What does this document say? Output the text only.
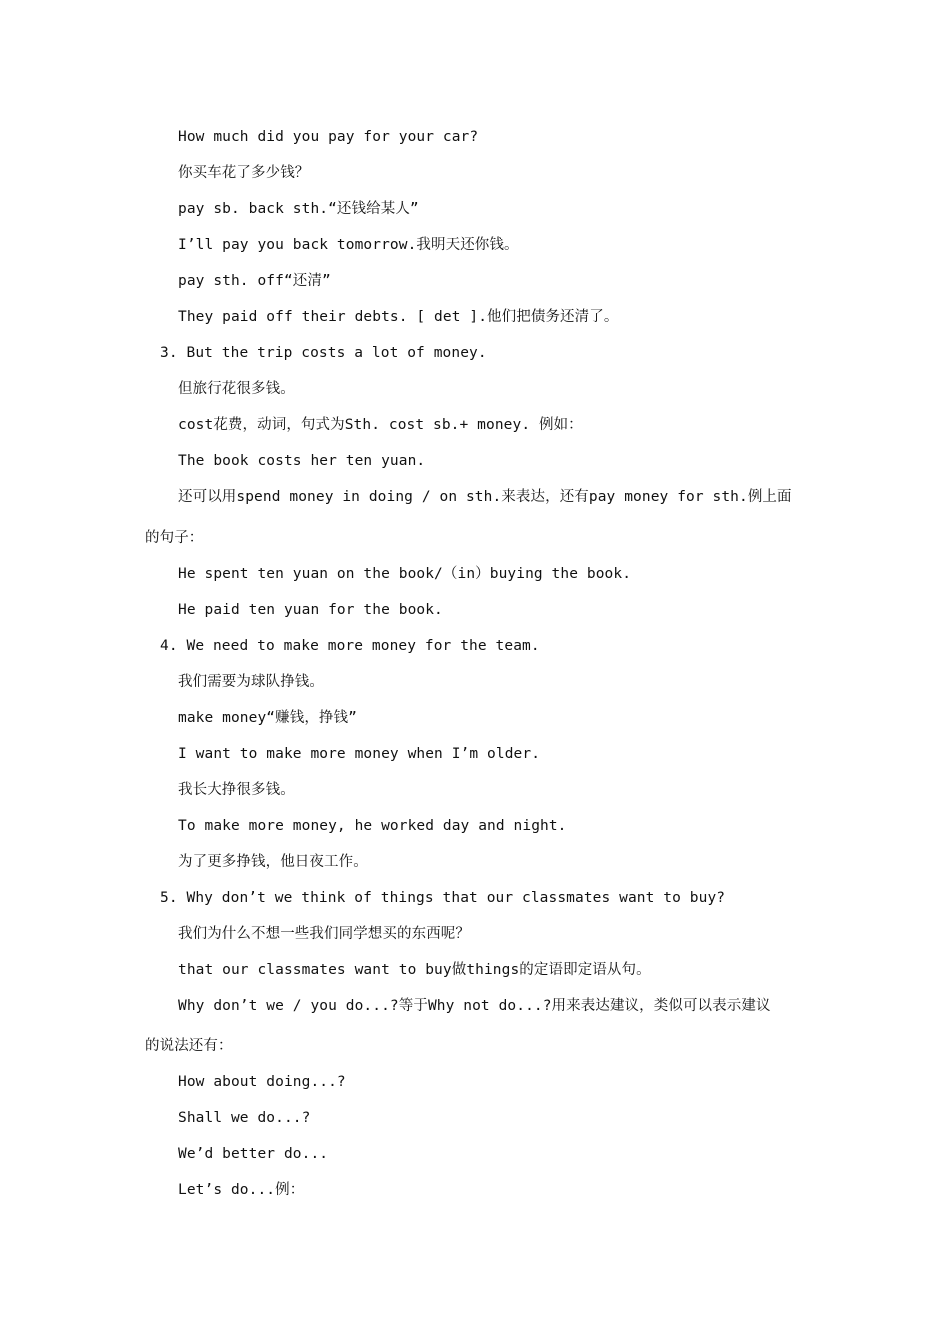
How much did you pay for your car?
你买车花了多少钱？
pay sb. back sth.“还钱给某人”
I’ll pay you back tomorrow.我明天还你钱。
pay sth. off“还清”
They paid off their debts. [ det ].他们把债务还清了。
3. But the trip costs a lot of money.
但旅行花很多钱。
cost花费，动词，句式为Sth. cost sb.+ money. 例如：
The book costs her ten yuan.
还可以用spend money in doing / on sth.来表达，还有pay money for sth.例上面
的句子：
He spent ten yuan on the book/（in）buying the book.
He paid ten yuan for the book.
4. We need to make more money for the team.
我们需要为球队挣钱。
make money“赚钱，挣钱”
I want to make more money when I’m older.
我长大挣很多钱。
To make more money, he worked day and night.
为了更多挣钱，他日夜工作。
5. Why don’t we think of things that our classmates want to buy?
我们为什么不想一些我们同学想买的东西呢？
that our classmates want to buy做things的定语即定语从句。
Why don’t we / you do...?等于Why not do...?用来表达建议，类似可以表示建议
的说法还有：
How about doing...?
Shall we do...?
We’d better do...
Let’s do...例：
